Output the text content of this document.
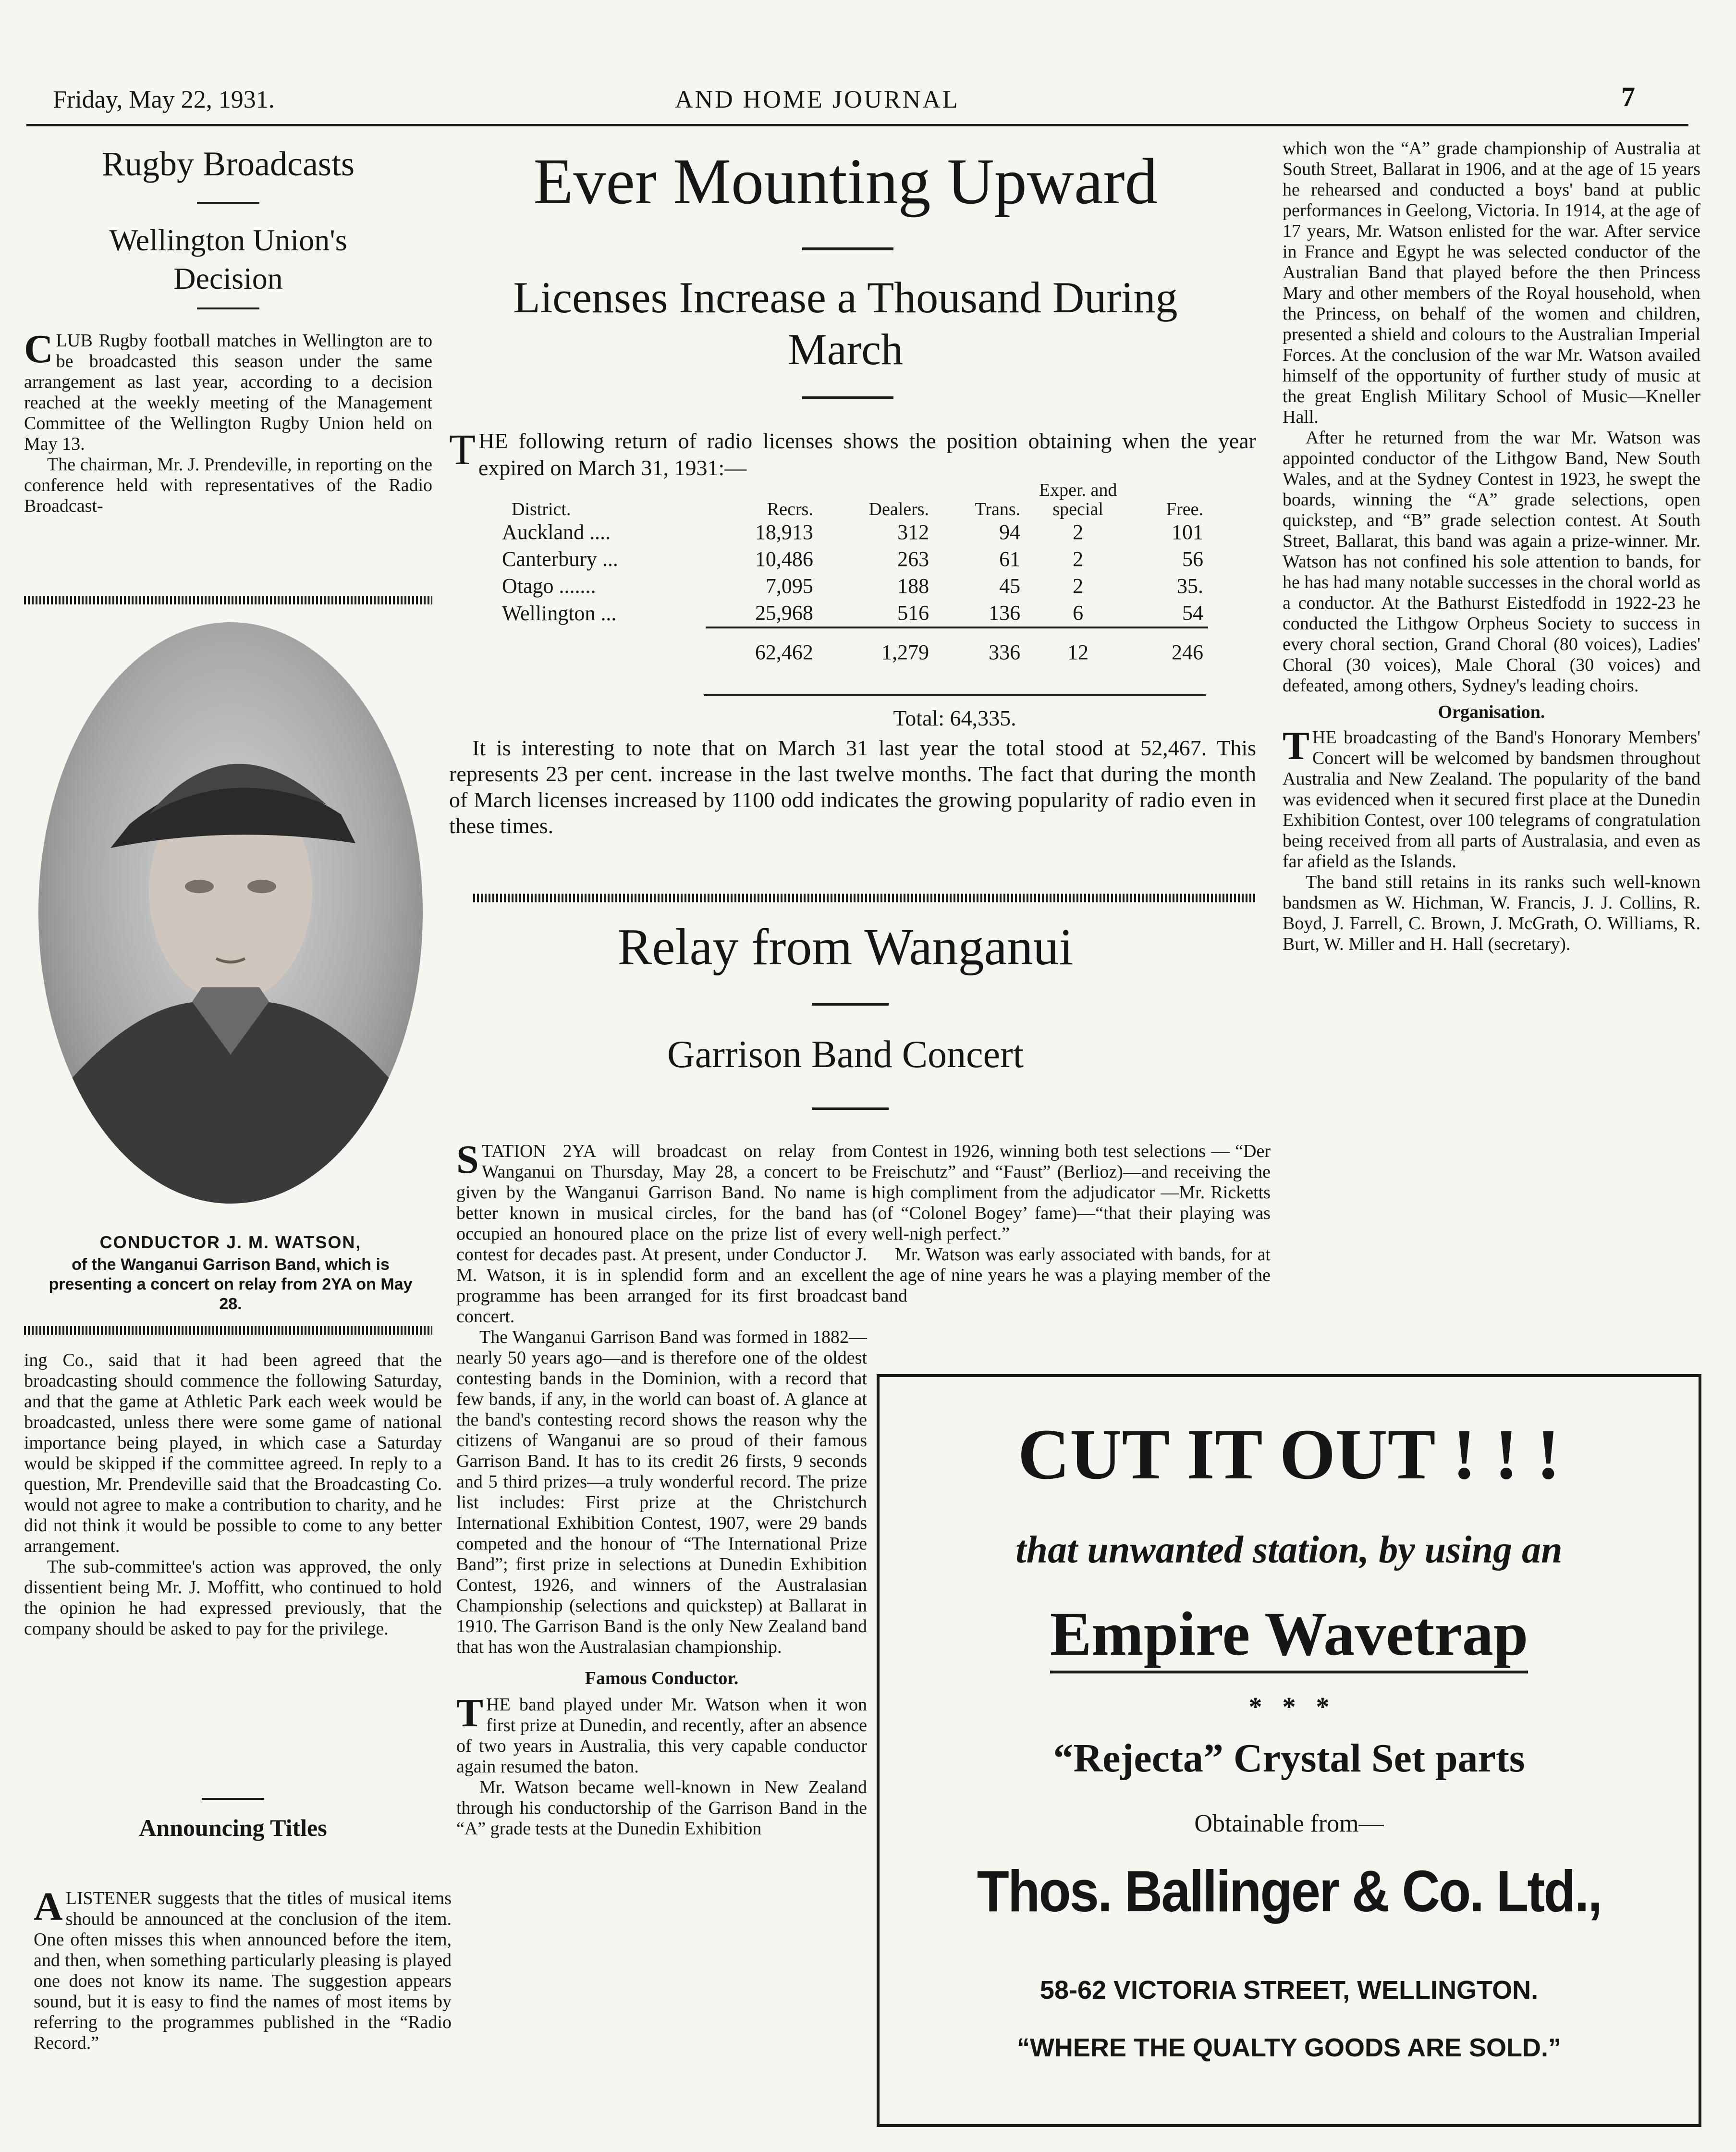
Friday, May 22, 1931.	AND HOME JOURNAL	7
Rugby Broadcasts
Wellington Union's Decision

CLUB Rugby football matches in Wellington are to be broadcasted this season under the same arrangement as last year, according to a decision reached at the weekly meeting of the Management Committee of the Wellington Rugby Union held on May 13.

The chairman, Mr. J. Prendeville, in reporting on the conference held with representatives of the Radio Broadcast-

CONDUCTOR J. M. WATSON,
of the Wanganui Garrison Band, which is presenting a concert on relay from 2YA on May 28.

ing Co., said that it had been agreed that the broadcasting should commence the following Saturday, and that the game at Athletic Park each week would be broadcasted, unless there were some game of national importance being played, in which case a Saturday would be skipped if the committee agreed. In reply to a question, Mr. Prendeville said that the Broadcasting Co. would not agree to make a contribution to charity, and he did not think it would be possible to come to any better arrangement.

The sub-committee's action was approved, the only dissentient being Mr. J. Moffitt, who continued to hold the opinion he had expressed previously, that the company should be asked to pay for the privilege.

Announcing Titles

ALISTENER suggests that the titles of musical items should be announced at the conclusion of the item. One often misses this when announced before the item, and then, when something particularly pleasing is played one does not know its name. The suggestion appears sound, but it is easy to find the names of most items by referring to the programmes published in the “Radio Record.”

Ever Mounting Upward
Licenses Increase a Thousand During March

THE following return of radio licenses shows the position obtaining when the year expired on March 31, 1931:—

District.	Recrs.	Dealers.	Trans.	Exper. and special	Free.
Auckland ....	18,913	312	94	2	101
Canterbury ...	10,486	263	61	2	56
Otago .......	7,095	188	45	2	35.
Wellington ...	25,968	516	136	6	54
	62,462	1,279	336	12	246
Total: 64,335.

It is interesting to note that on March 31 last year the total stood at 52,467. This represents 23 per cent. increase in the last twelve months. The fact that during the month of March licenses increased by 1100 odd indicates the growing popularity of radio even in these times.

Relay from Wanganui
Garrison Band Concert

STATION 2YA will broadcast on relay from Wanganui on Thursday, May 28, a concert to be given by the Wanganui Garrison Band. No name is better known in musical circles, for the band has occupied an honoured place on the prize list of every contest for decades past. At present, under Conductor J. M. Watson, it is in splendid form and an excellent programme has been arranged for its first broadcast concert.

The Wanganui Garrison Band was formed in 1882—nearly 50 years ago—and is therefore one of the oldest contesting bands in the Dominion, with a record that few bands, if any, in the world can boast of. A glance at the band's contesting record shows the reason why the citizens of Wanganui are so proud of their famous Garrison Band. It has to its credit 26 firsts, 9 seconds and 5 third prizes—a truly wonderful record. The prize list includes: First prize at the Christchurch International Exhibition Contest, 1907, were 29 bands competed and the honour of “The International Prize Band”; first prize in selections at Dunedin Exhibition Contest, 1926, and winners of the Australasian Championship (selections and quickstep) at Ballarat in 1910. The Garrison Band is the only New Zealand band that has won the Australasian championship.

Famous Conductor.

THE band played under Mr. Watson when it won first prize at Dunedin, and recently, after an absence of two years in Australia, this very capable conductor again resumed the baton.

Mr. Watson became well-known in New Zealand through his conductorship of the Garrison Band in the “A” grade tests at the Dunedin Exhibition

Contest in 1926, winning both test selections — “Der Freischutz” and “Faust” (Berlioz)—and receiving the high compliment from the adjudicator —Mr. Ricketts (of “Colonel Bogey’ fame)—“that their playing was well-nigh perfect.”

Mr. Watson was early associated with bands, for at the age of nine years he was a playing member of the band

which won the “A” grade championship of Australia at South Street, Ballarat in 1906, and at the age of 15 years he rehearsed and conducted a boys' band at public performances in Geelong, Victoria. In 1914, at the age of 17 years, Mr. Watson enlisted for the war. After service in France and Egypt he was selected conductor of the Australian Band that played before the then Princess Mary and other members of the Royal household, when the Princess, on behalf of the women and children, presented a shield and colours to the Australian Imperial Forces. At the conclusion of the war Mr. Watson availed himself of the opportunity of further study of music at the great English Military School of Music—Kneller Hall.

After he returned from the war Mr. Watson was appointed conductor of the Lithgow Band, New South Wales, and at the Sydney Contest in 1923, he swept the boards, winning the “A” grade selections, open quickstep, and “B” grade selection contest. At South Street, Ballarat, this band was again a prize-winner. Mr. Watson has not confined his sole attention to bands, for he has had many notable successes in the choral world as a conductor. At the Bathurst Eistedfodd in 1922-23 he conducted the Lithgow Orpheus Society to success in every choral section, Grand Choral (80 voices), Ladies' Choral (30 voices), Male Choral (30 voices) and defeated, among others, Sydney's leading choirs.

Organisation.

THE broadcasting of the Band's Honorary Members' Concert will be welcomed by bandsmen throughout Australia and New Zealand. The popularity of the band was evidenced when it secured first place at the Dunedin Exhibition Contest, over 100 telegrams of congratulation being received from all parts of Australasia, and even as far afield as the Islands.

The band still retains in its ranks such well-known bandsmen as W. Hichman, W. Francis, J. J. Collins, R. Boyd, J. Farrell, C. Brown, J. McGrath, O. Williams, R. Burt, W. Miller and H. Hall (secretary).

CUT IT OUT ! ! !
that unwanted station, by using an
Empire Wavetrap
*   *   *
“Rejecta” Crystal Set parts
Obtainable from—
Thos. Ballinger & Co. Ltd.,
58-62 VICTORIA STREET, WELLINGTON.
“WHERE THE QUALTY GOODS ARE SOLD.”
